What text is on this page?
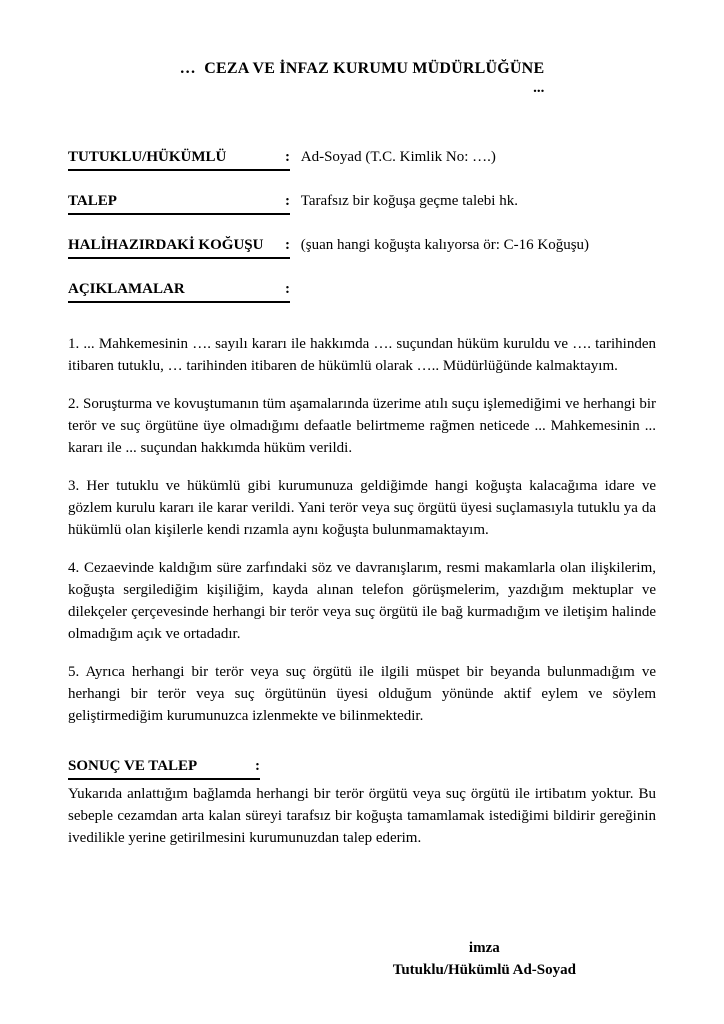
…  CEZA VE İNFAZ KURUMU MÜDÜRLÜĞÜNE
...
TUTUKLU/HÜKÜMLÜ	: Ad-Soyad (T.C. Kimlik No: ….)
TALEP	: Tarafsız bir koğuşa geçme talebi hk.
HALİHAZIRDAKİ KOĞUŞU : (şuan hangi koğuşta kalıyorsa ör: C-16 Koğuşu)
AÇIKLAMALAR	:

1. ... Mahkemesinin …. sayılı kararı ile hakkımda …. suçundan hüküm kuruldu ve …. tarihinden itibaren tutuklu, … tarihinden itibaren de hükümlü olarak ….. Müdürlüğünde kalmaktayım.

2. Soruşturma ve kovuştumanın tüm aşamalarında üzerime atılı suçu işlemediğimi ve herhangi bir terör ve suç örgütüne üye olmadığımı defaatle belirtmeme rağmen neticede ... Mahkemesinin ... kararı ile ... suçundan hakkımda hüküm verildi.

3. Her tutuklu ve hükümlü gibi kurumunuza geldiğimde hangi koğuşta kalacağıma idare ve gözlem kurulu kararı ile karar verildi. Yani terör veya suç örgütü üyesi suçlamasıyla tutuklu ya da hükümlü olan kişilerle kendi rızamla aynı koğuşta bulunmamaktayım.

4. Cezaevinde kaldığım süre zarfındaki söz ve davranışlarım, resmi makamlarla olan ilişkilerim, koğuşta sergilediğim kişiliğim, kayda alınan telefon görüşmelerim, yazdığım mektuplar ve dilekçeler çerçevesinde herhangi bir terör veya suç örgütü ile bağ kurmadığım ve iletişim halinde olmadığım açık ve ortadadır.

5. Ayrıca herhangi bir terör veya suç örgütü ile ilgili müspet bir beyanda bulunmadığım ve herhangi bir terör veya suç örgütünün üyesi olduğum yönünde aktif eylem ve söylem geliştirmediğim kurumunuzca izlenmekte ve bilinmektedir.

SONUÇ VE TALEP	:

Yukarıda anlattığım bağlamda herhangi bir terör örgütü veya suç örgütü ile irtibatım yoktur. Bu sebeple cezamdan arta kalan süreyi tarafsız bir koğuşta tamamlamak istediğimi bildirir gereğinin ivedilikle yerine getirilmesini kurumunuzdan talep ederim.

imza
Tutuklu/Hükümlü Ad-Soyad
